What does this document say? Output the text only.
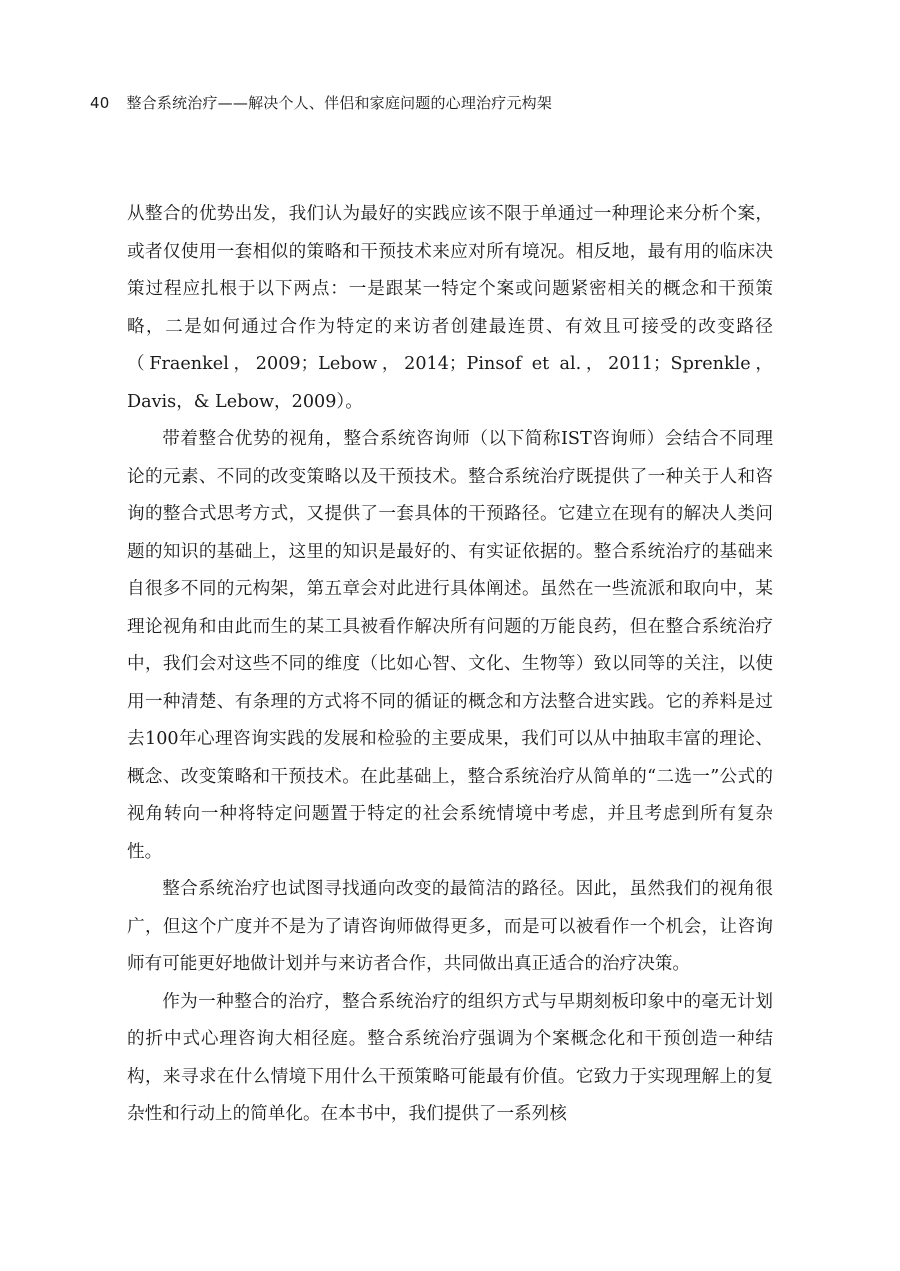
40 整合系统治疗——解决个人、伴侣和家庭问题的心理治疗元构架

从整合的优势出发，我们认为最好的实践应该不限于单通过一种理论来分析个案，或者仅使用一套相似的策略和干预技术来应对所有境况。相反地，最有用的临床决策过程应扎根于以下两点：一是跟某一特定个案或问题紧密相关的概念和干预策略，二是如何通过合作为特定的来访者创建最连贯、有效且可接受的改变路径（Fraenkel，2009；Lebow，2014；Pinsof et al.，2011；Sprenkle，Davis，& Lebow，2009）。

带着整合优势的视角，整合系统咨询师（以下简称IST咨询师）会结合不同理论的元素、不同的改变策略以及干预技术。整合系统治疗既提供了一种关于人和咨询的整合式思考方式，又提供了一套具体的干预路径。它建立在现有的解决人类问题的知识的基础上，这里的知识是最好的、有实证依据的。整合系统治疗的基础来自很多不同的元构架，第五章会对此进行具体阐述。虽然在一些流派和取向中，某理论视角和由此而生的某工具被看作解决所有问题的万能良药，但在整合系统治疗中，我们会对这些不同的维度（比如心智、文化、生物等）致以同等的关注，以使用一种清楚、有条理的方式将不同的循证的概念和方法整合进实践。它的养料是过去100年心理咨询实践的发展和检验的主要成果，我们可以从中抽取丰富的理论、概念、改变策略和干预技术。在此基础上，整合系统治疗从简单的“二选一”公式的视角转向一种将特定问题置于特定的社会系统情境中考虑，并且考虑到所有复杂性。

整合系统治疗也试图寻找通向改变的最简洁的路径。因此，虽然我们的视角很广，但这个广度并不是为了请咨询师做得更多，而是可以被看作一个机会，让咨询师有可能更好地做计划并与来访者合作，共同做出真正适合的治疗决策。

作为一种整合的治疗，整合系统治疗的组织方式与早期刻板印象中的毫无计划的折中式心理咨询大相径庭。整合系统治疗强调为个案概念化和干预创造一种结构，来寻求在什么情境下用什么干预策略可能最有价值。它致力于实现理解上的复杂性和行动上的简单化。在本书中，我们提供了一系列核
